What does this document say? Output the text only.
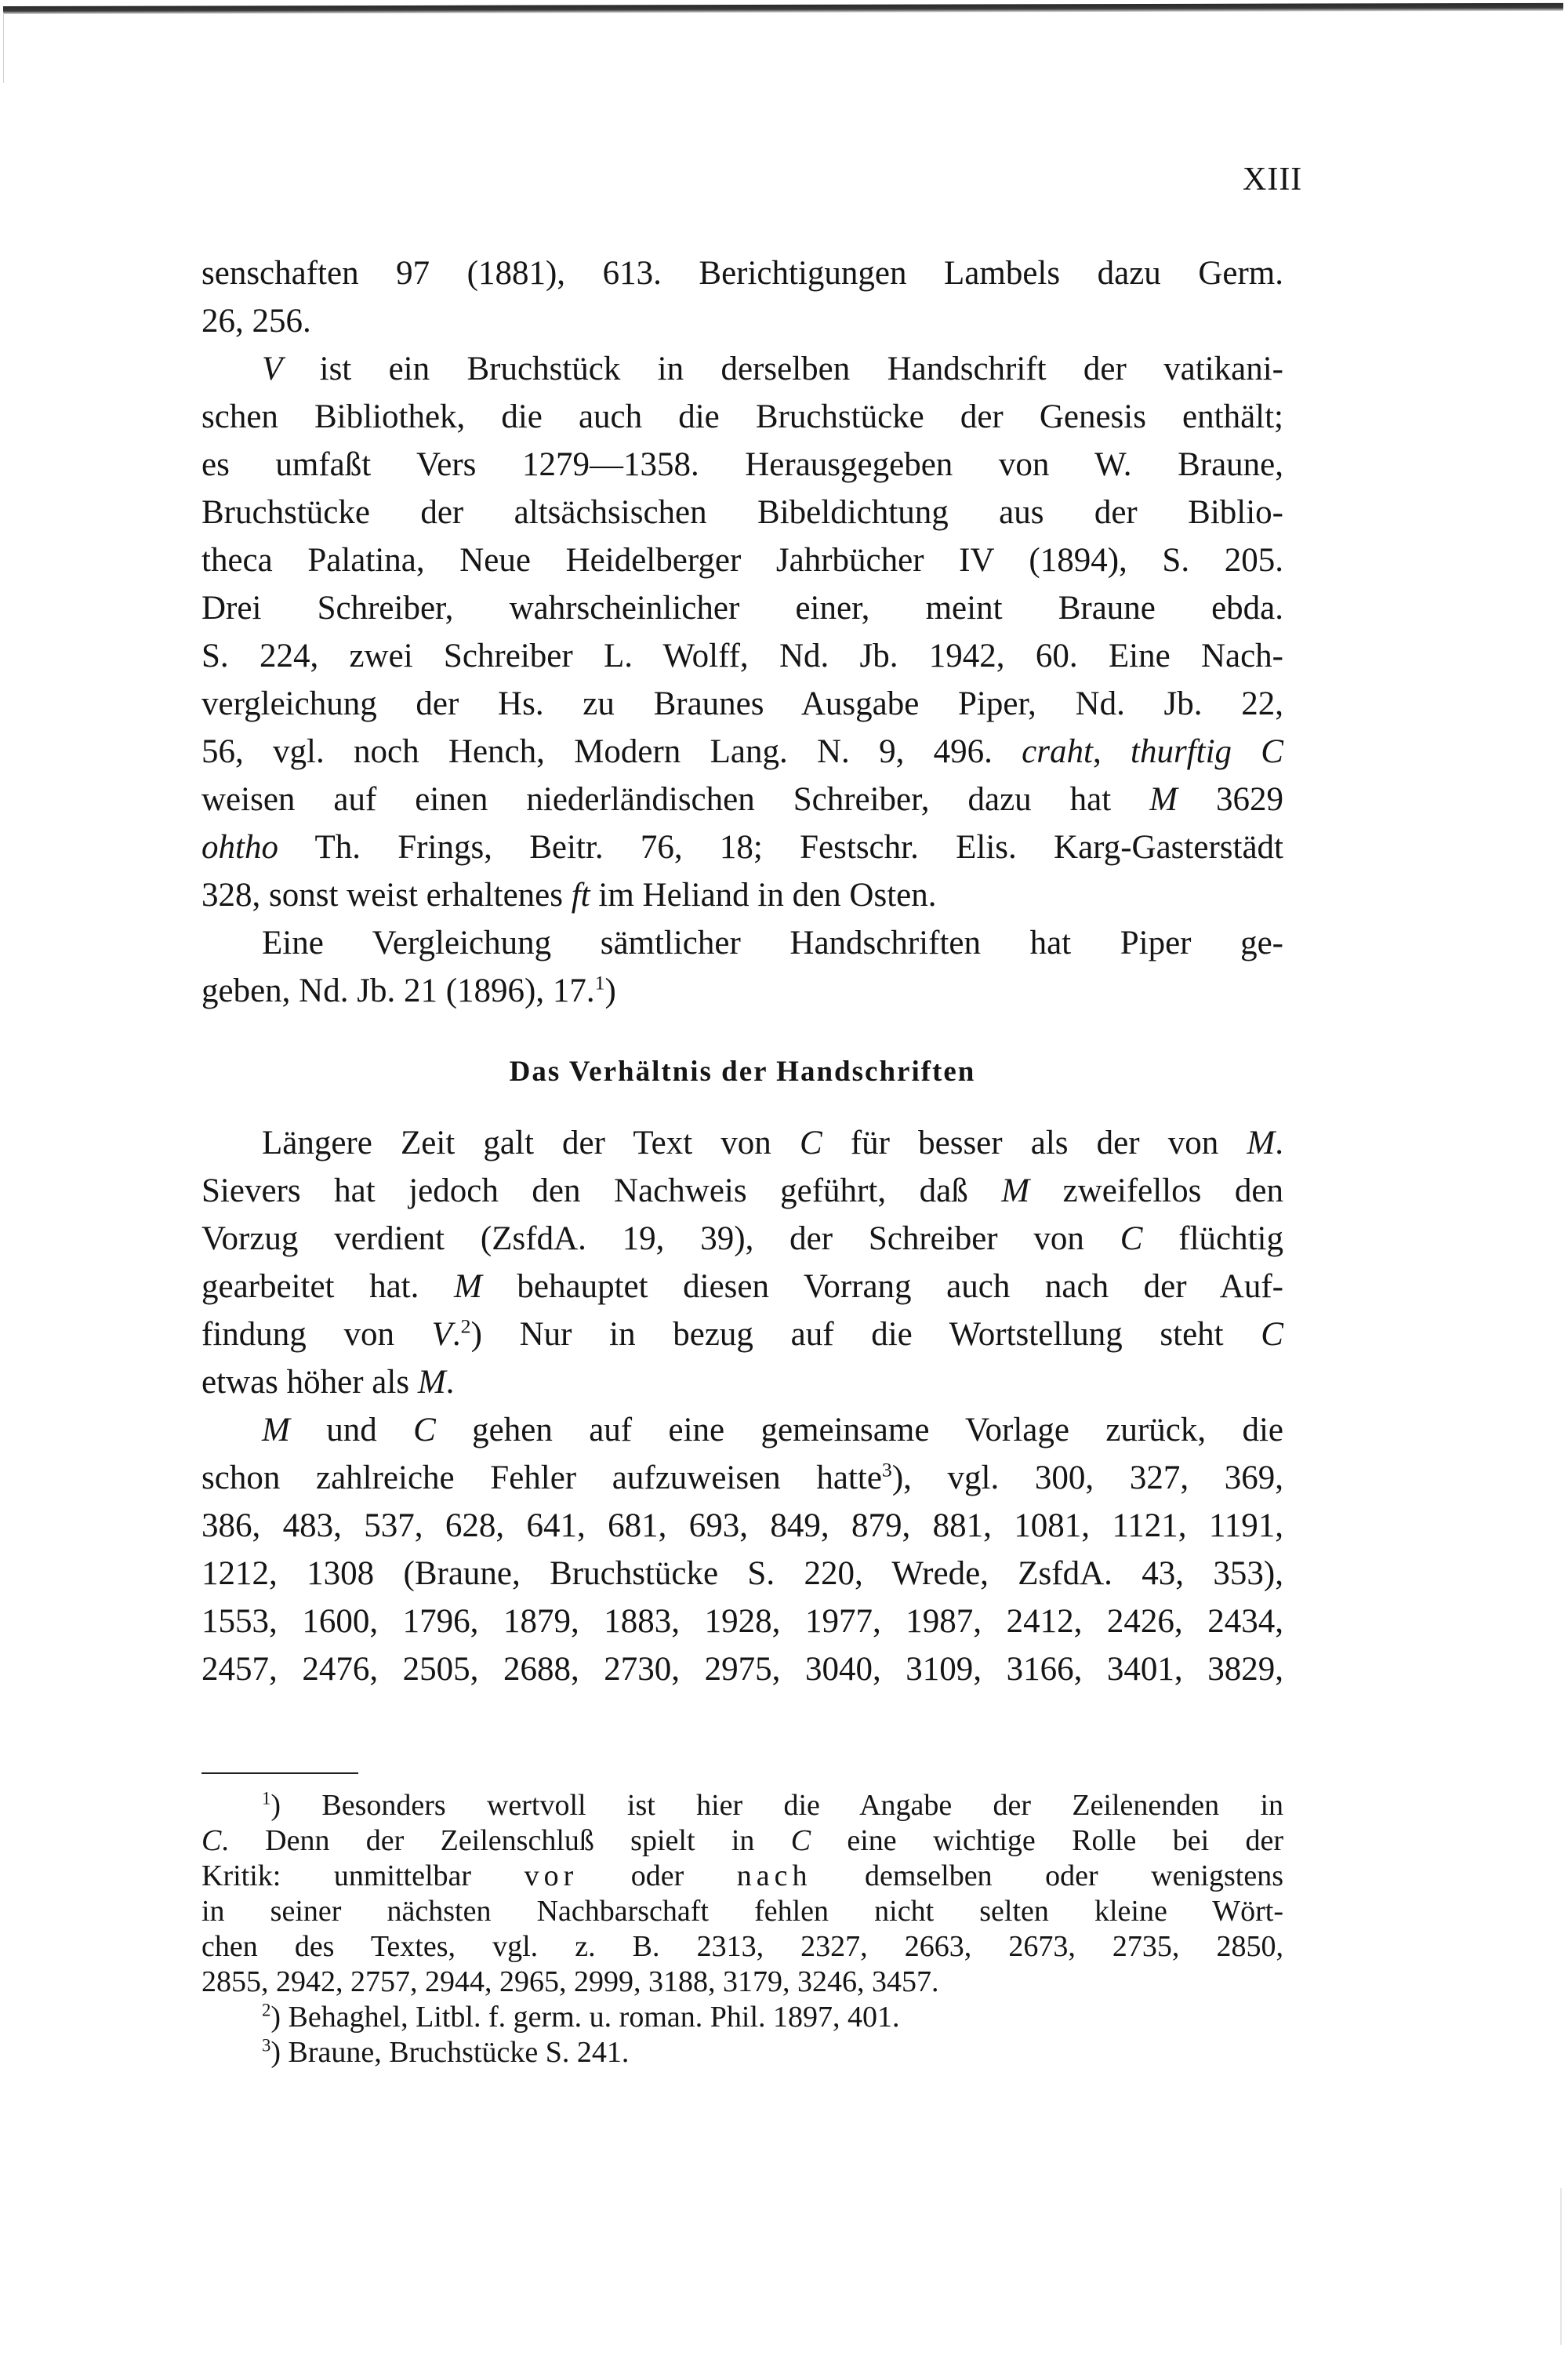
XIII
senschaften 97 (1881), 613. Berichtigungen Lambels dazu Germ.
26, 256.
V ist ein Bruchstück in derselben Handschrift der vatikani-
schen Bibliothek, die auch die Bruchstücke der Genesis enthält;
es umfaßt Vers 1279—1358. Herausgegeben von W. Braune,
Bruchstücke der altsächsischen Bibeldichtung aus der Biblio-
theca Palatina, Neue Heidelberger Jahrbücher IV (1894), S. 205.
Drei Schreiber, wahrscheinlicher einer, meint Braune ebda.
S. 224, zwei Schreiber L. Wolff, Nd. Jb. 1942, 60. Eine Nach-
vergleichung der Hs. zu Braunes Ausgabe Piper, Nd. Jb. 22,
56, vgl. noch Hench, Modern Lang. N. 9, 496. craht, thurftig C
weisen auf einen niederländischen Schreiber, dazu hat M 3629
ohtho Th. Frings, Beitr. 76, 18; Festschr. Elis. Karg-Gasterstädt
328, sonst weist erhaltenes ft im Heliand in den Osten.
Eine Vergleichung sämtlicher Handschriften hat Piper ge-
geben, Nd. Jb. 21 (1896), 17.$^1$)
Das Verhältnis der Handschriften
Längere Zeit galt der Text von C für besser als der von M.
Sievers hat jedoch den Nachweis geführt, daß M zweifellos den
Vorzug verdient (ZsfdA. 19, 39), der Schreiber von C flüchtig
gearbeitet hat. M behauptet diesen Vorrang auch nach der Auf-
findung von V.$^2$) Nur in bezug auf die Wortstellung steht C
etwas höher als M.
M und C gehen auf eine gemeinsame Vorlage zurück, die
schon zahlreiche Fehler aufzuweisen hatte$^3$), vgl. 300, 327, 369,
386, 483, 537, 628, 641, 681, 693, 849, 879, 881, 1081, 1121, 1191,
1212, 1308 (Braune, Bruchstücke S. 220, Wrede, ZsfdA. 43, 353),
1553, 1600, 1796, 1879, 1883, 1928, 1977, 1987, 2412, 2426, 2434,
2457, 2476, 2505, 2688, 2730, 2975, 3040, 3109, 3166, 3401, 3829,
$^1$) Besonders wertvoll ist hier die Angabe der Zeilenenden in
C. Denn der Zeilenschluß spielt in C eine wichtige Rolle bei der
Kritik: unmittelbar vor oder nach demselben oder wenigstens
in seiner nächsten Nachbarschaft fehlen nicht selten kleine Wört-
chen des Textes, vgl. z. B. 2313, 2327, 2663, 2673, 2735, 2850,
2855, 2942, 2757, 2944, 2965, 2999, 3188, 3179, 3246, 3457.
$^2$) Behaghel, Litbl. f. germ. u. roman. Phil. 1897, 401.
$^3$) Braune, Bruchstücke S. 241.
